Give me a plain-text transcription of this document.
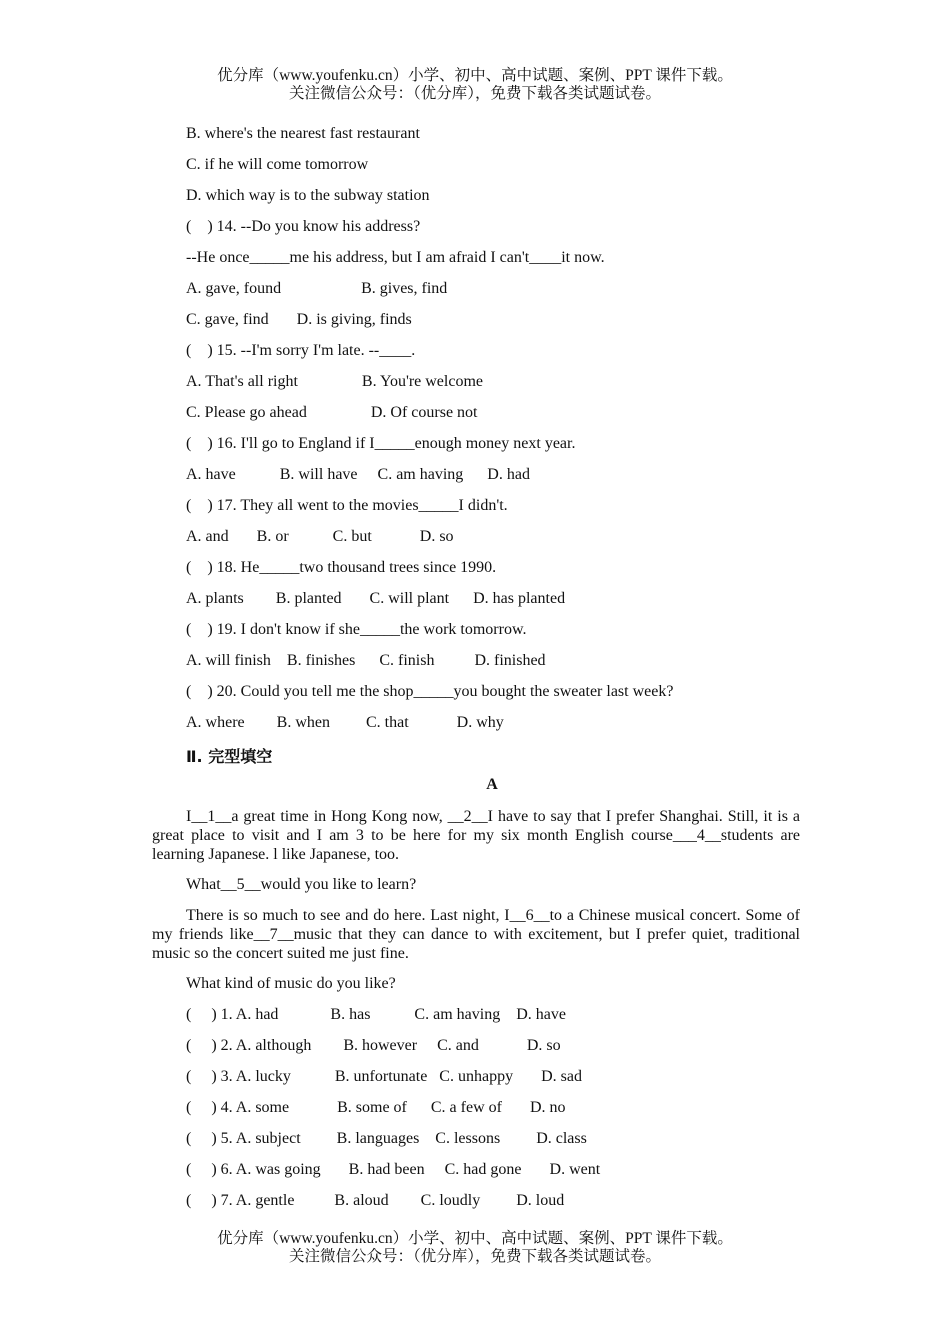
优分库（www.youfenku.cn）小学、初中、高中试题、案例、PPT 课件下载。
关注微信公众号：（优分库），免费下载各类试题试卷。
B. where's the nearest fast restaurant
C. if he will come tomorrow
D. which way is to the subway station
(    ) 14. --Do you know his address?
--He once_____me his address, but I am afraid I can't____it now.
A. gave, found                    B. gives, find
C. gave, find       D. is giving, finds
(    ) 15. --I'm sorry I'm late. --____.
A. That's all right                B. You're welcome
C. Please go ahead                D. Of course not
(    ) 16. I'll go to England if I_____enough money next year.
A. have           B. will have     C. am having      D. had
(    ) 17. They all went to the movies_____I didn't.
A. and       B. or           C. but            D. so
(    ) 18. He_____two thousand trees since 1990.
A. plants        B. planted       C. will plant      D. has planted
(    ) 19. I don't know if she_____the work tomorrow.
A. will finish    B. finishes      C. finish          D. finished
(    ) 20. Could you tell me the shop_____you bought the sweater last week?
A. where        B. when         C. that            D. why
Ⅱ. 完型填空
A
I__1__a great time in Hong Kong now, __2__I have to say that I prefer Shanghai. Still, it is a great place to visit and I am 3 to be here for my six month English course___4__students are learning Japanese. l like Japanese, too.
What__5__would you like to learn?
There is so much to see and do here. Last night, I__6__to a Chinese musical concert. Some of my friends like__7__music that they can dance to with excitement, but I prefer quiet, traditional music so the concert suited me just fine.
What kind of music do you like?
(     ) 1. A. had             B. has           C. am having    D. have
(     ) 2. A. although        B. however     C. and            D. so
(     ) 3. A. lucky           B. unfortunate   C. unhappy       D. sad
(     ) 4. A. some            B. some of      C. a few of       D. no
(     ) 5. A. subject         B. languages    C. lessons         D. class
(     ) 6. A. was going       B. had been     C. had gone       D. went
(     ) 7. A. gentle          B. aloud        C. loudly         D. loud
优分库（www.youfenku.cn）小学、初中、高中试题、案例、PPT 课件下载。
关注微信公众号：（优分库），免费下载各类试题试卷。
